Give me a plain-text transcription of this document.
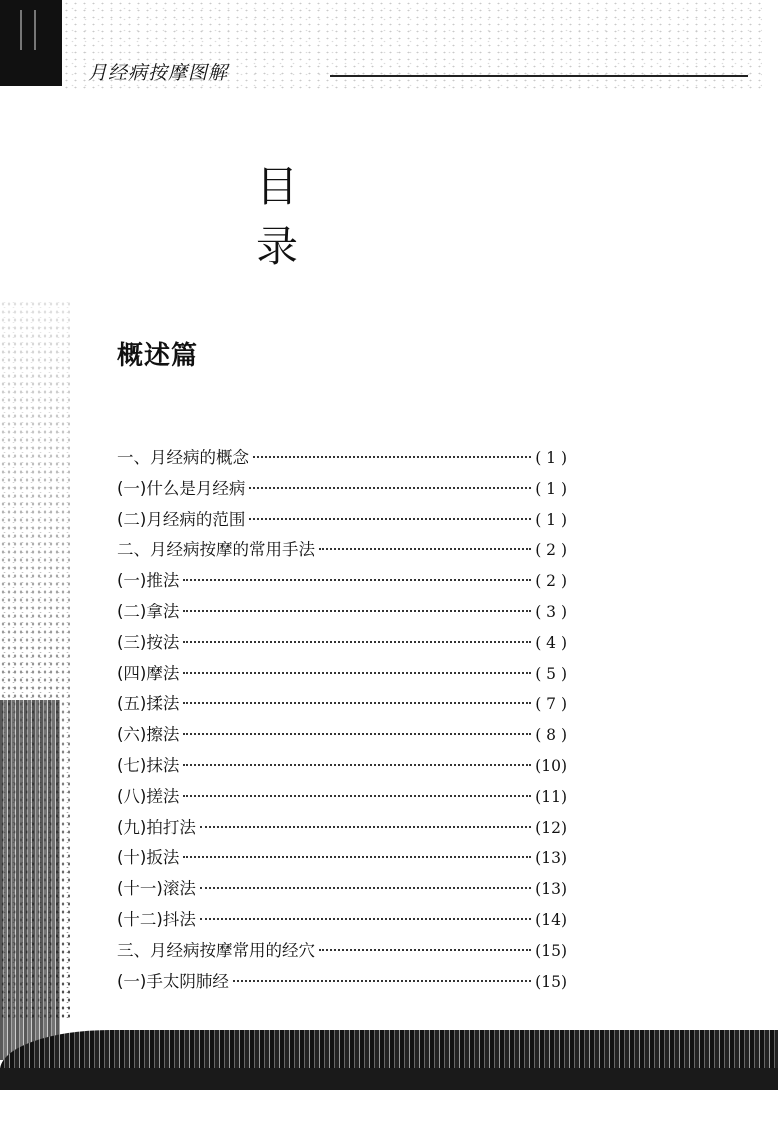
月经病按摩图解
目　录
概述篇
一、月经病的概念	( 1 )
(一)什么是月经病	( 1 )
(二)月经病的范围	( 1 )
二、月经病按摩的常用手法	( 2 )
(一)推法	( 2 )
(二)拿法	( 3 )
(三)按法	( 4 )
(四)摩法	( 5 )
(五)揉法	( 7 )
(六)擦法	( 8 )
(七)抹法	(10)
(八)搓法	(11)
(九)拍打法	(12)
(十)扳法	(13)
(十一)滚法	(13)
(十二)抖法	(14)
三、月经病按摩常用的经穴	(15)
(一)手太阴肺经	(15)
